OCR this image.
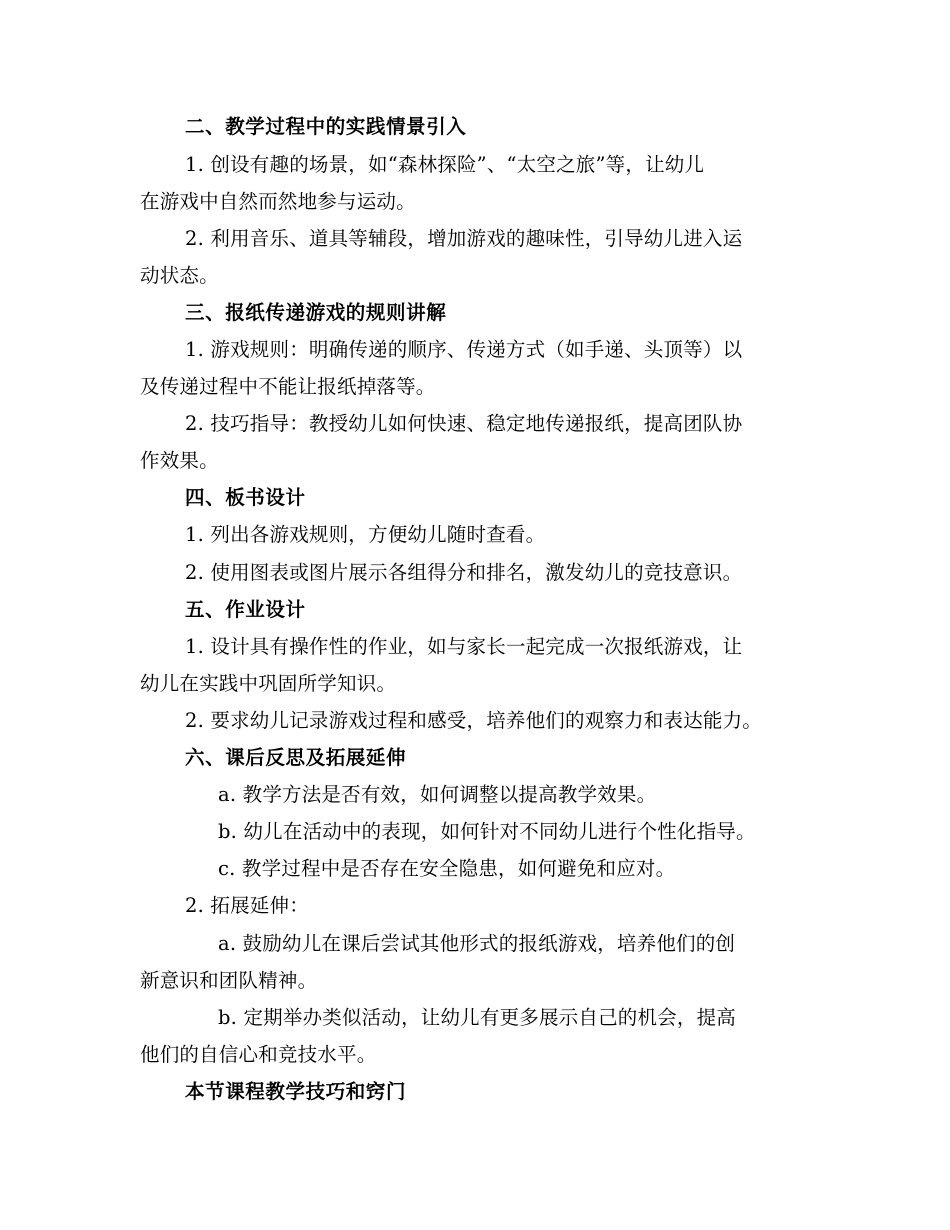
二、教学过程中的实践情景引入
1. 创设有趣的场景，如“森林探险”、“太空之旅”等，让幼儿
在游戏中自然而然地参与运动。
2. 利用音乐、道具等辅段，增加游戏的趣味性，引导幼儿进入运
动状态。
三、报纸传递游戏的规则讲解
1. 游戏规则：明确传递的顺序、传递方式（如手递、头顶等）以
及传递过程中不能让报纸掉落等。
2. 技巧指导：教授幼儿如何快速、稳定地传递报纸，提高团队协
作效果。
四、板书设计
1. 列出各游戏规则，方便幼儿随时查看。
2. 使用图表或图片展示各组得分和排名，激发幼儿的竞技意识。
五、作业设计
1. 设计具有操作性的作业，如与家长一起完成一次报纸游戏，让
幼儿在实践中巩固所学知识。
2. 要求幼儿记录游戏过程和感受，培养他们的观察力和表达能力。
六、课后反思及拓展延伸
a. 教学方法是否有效，如何调整以提高教学效果。
b. 幼儿在活动中的表现，如何针对不同幼儿进行个性化指导。
c. 教学过程中是否存在安全隐患，如何避免和应对。
2. 拓展延伸：
a. 鼓励幼儿在课后尝试其他形式的报纸游戏，培养他们的创
新意识和团队精神。
b. 定期举办类似活动，让幼儿有更多展示自己的机会，提高
他们的自信心和竞技水平。
本节课程教学技巧和窍门
